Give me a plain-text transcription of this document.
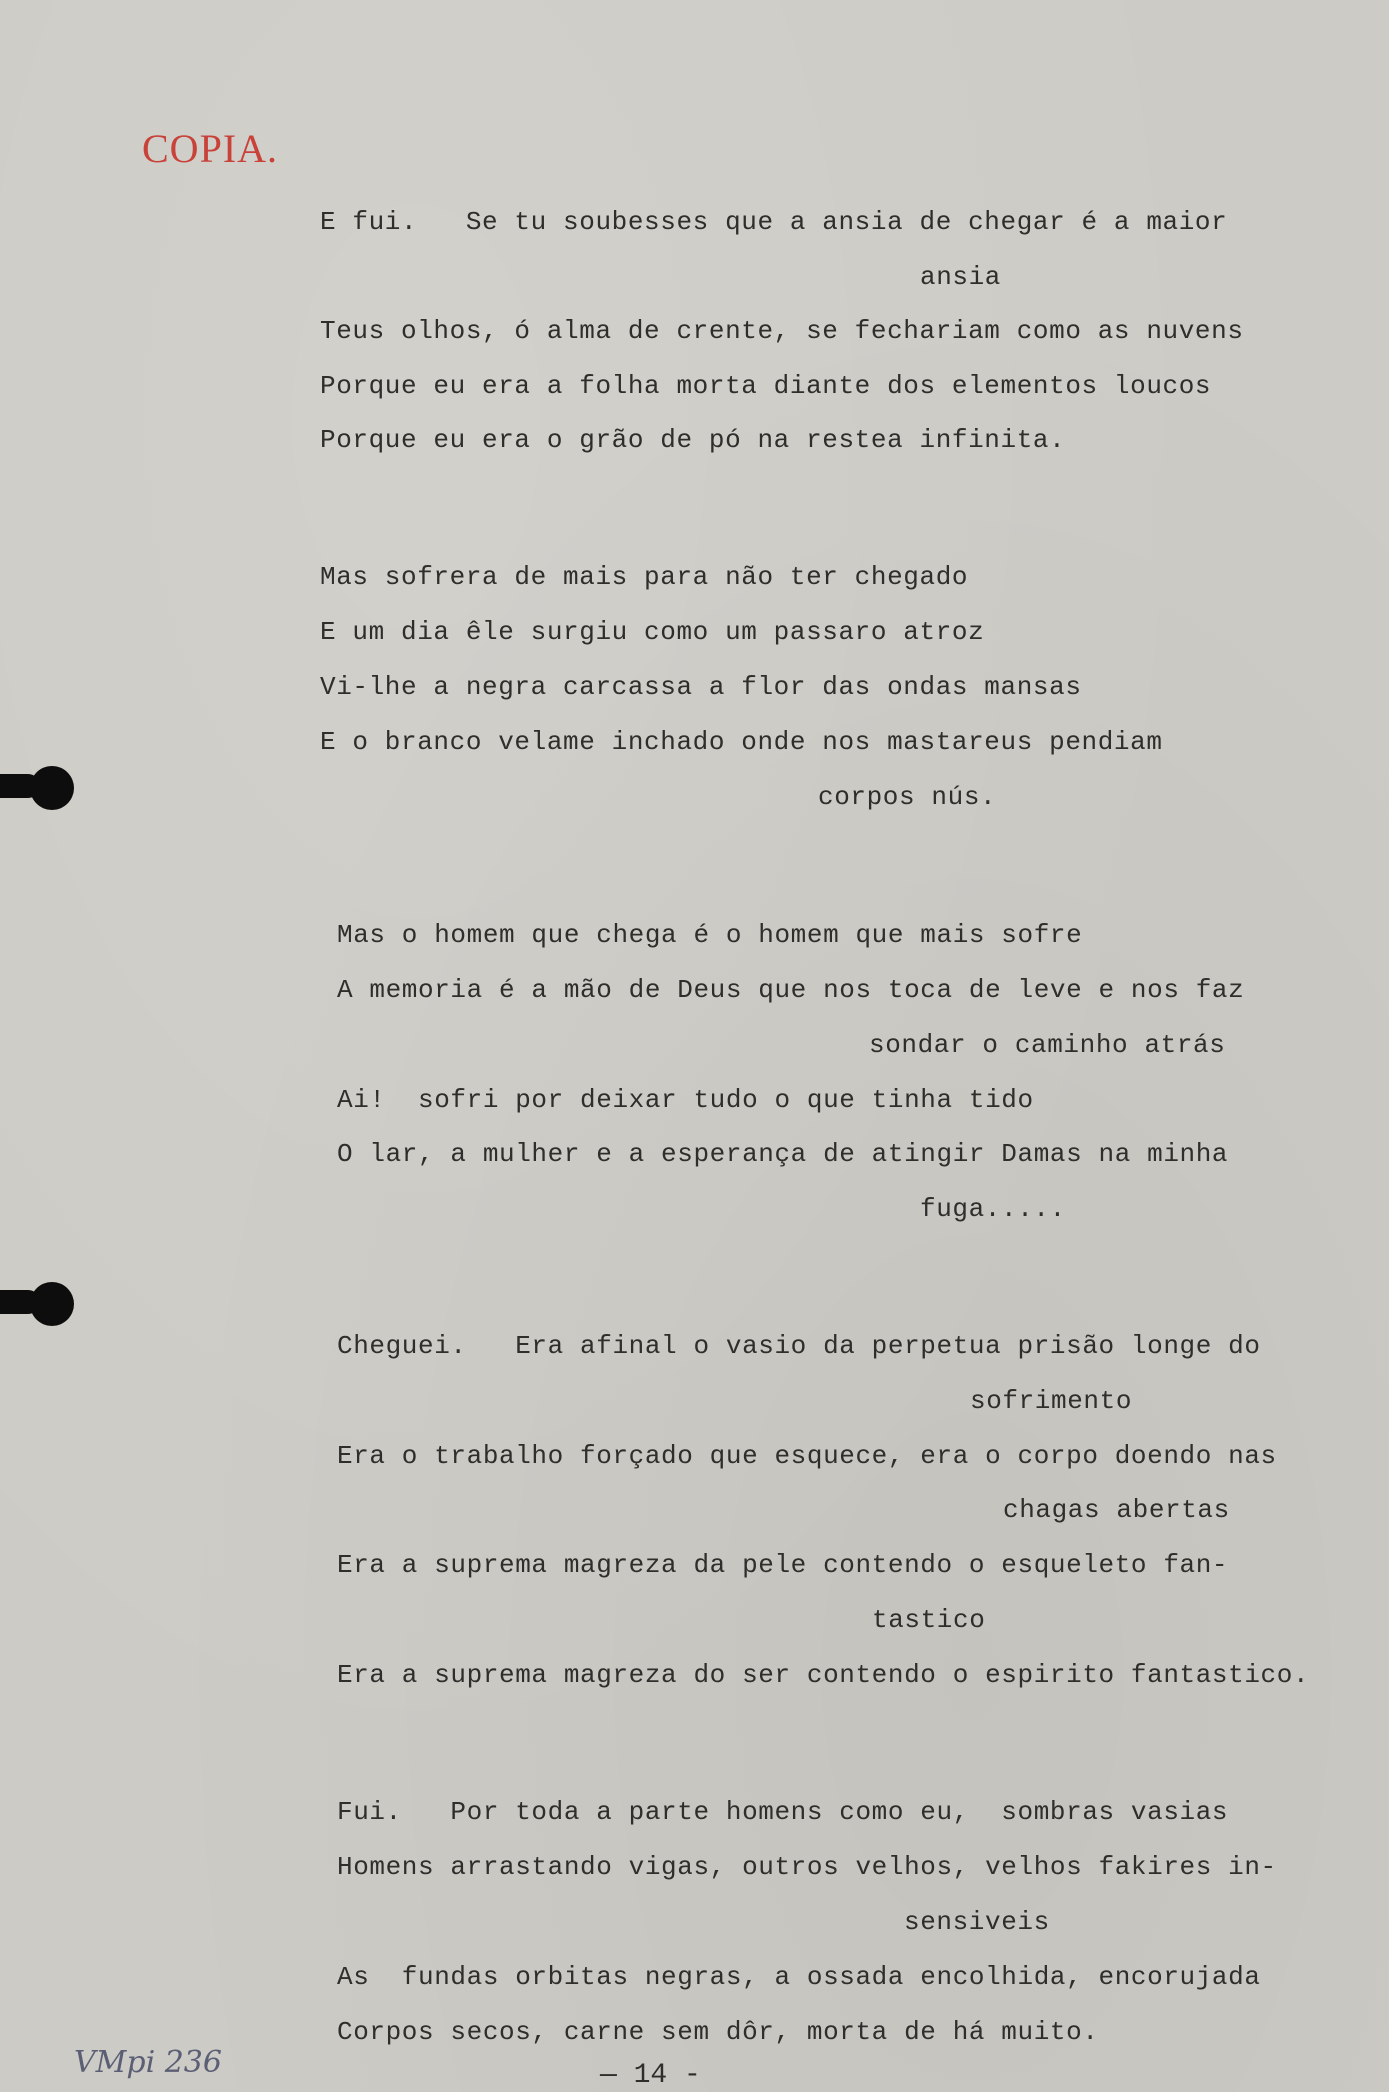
COPIA.
E fui.   Se tu soubesses que a ansia de chegar é a maior
ansia
Teus olhos, ó alma de crente, se fechariam como as nuvens
Porque eu era a folha morta diante dos elementos loucos
Porque eu era o grão de pó na restea infinita.
Mas sofrera de mais para não ter chegado
E um dia êle surgiu como um passaro atroz
Vi-lhe a negra carcassa a flor das ondas mansas
E o branco velame inchado onde nos mastareus pendiam
corpos nús.
Mas o homem que chega é o homem que mais sofre
A memoria é a mão de Deus que nos toca de leve e nos faz
sondar o caminho atrás
Ai!  sofri por deixar tudo o que tinha tido
O lar, a mulher e a esperança de atingir Damas na minha
fuga.....
Cheguei.   Era afinal o vasio da perpetua prisão longe do
sofrimento
Era o trabalho forçado que esquece, era o corpo doendo nas
chagas abertas
Era a suprema magreza da pele contendo o esqueleto fan-
tastico
Era a suprema magreza do ser contendo o espirito fantastico.
Fui.   Por toda a parte homens como eu,  sombras vasias
Homens arrastando vigas, outros velhos, velhos fakires in-
sensiveis
As  fundas orbitas negras, a ossada encolhida, encorujada
Corpos secos, carne sem dôr, morta de há muito.
VMpi 236	— 14 -
